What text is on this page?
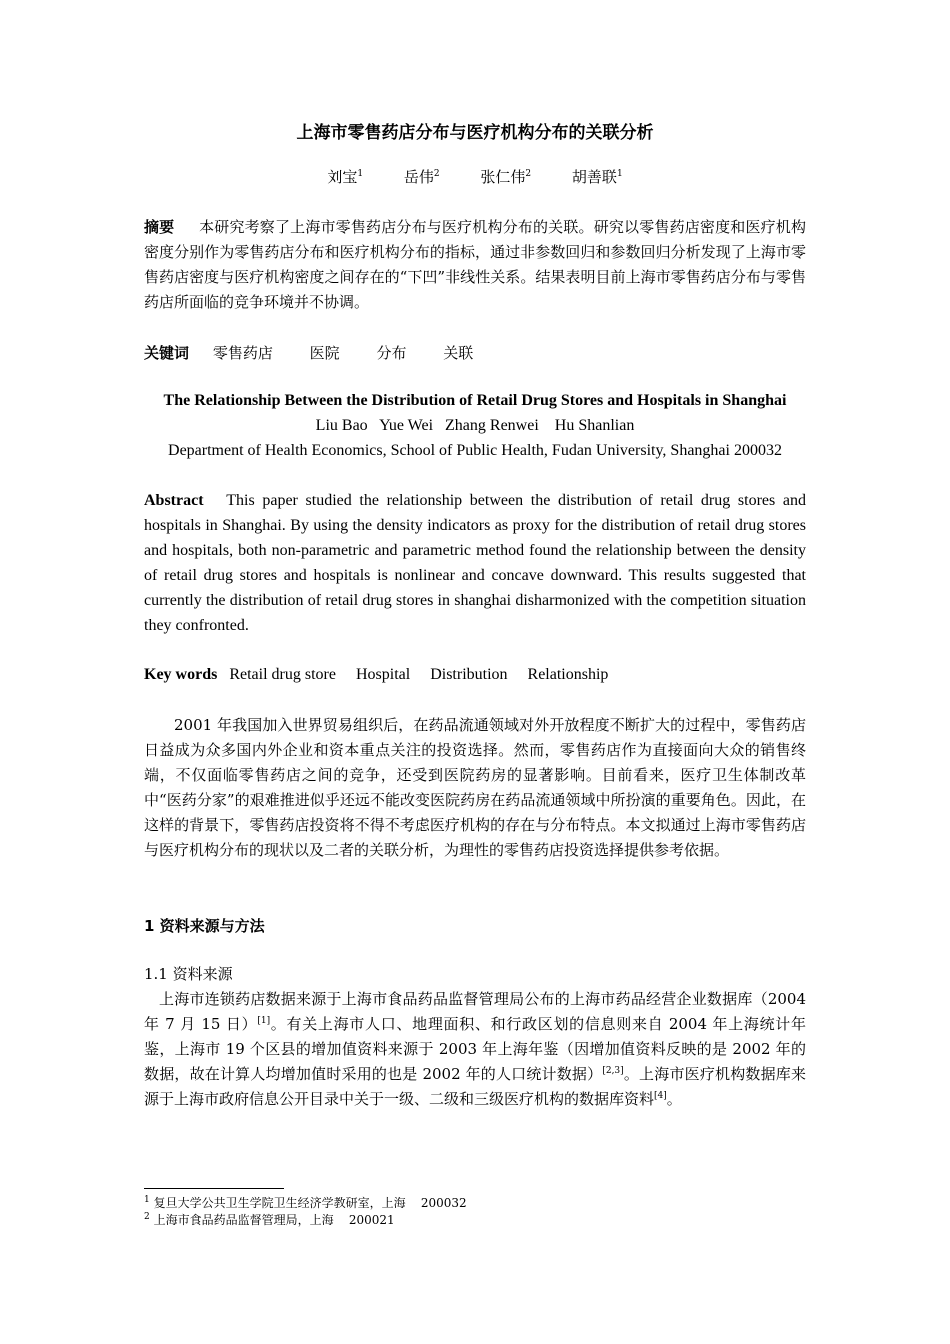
上海市零售药店分布与医疗机构分布的关联分析
刘宝$^1$	岳伟$^2$	张仁伟$^2$	胡善联$^1$
摘要 本研究考察了上海市零售药店分布与医疗机构分布的关联。研究以零售药店密度和医疗机构密度分别作为零售药店分布和医疗机构分布的指标，通过非参数回归和参数回归分析发现了上海市零售药店密度与医疗机构密度之间存在的“下凹”非线性关系。结果表明目前上海市零售药店分布与零售药店所面临的竞争环境并不协调。
关键词 零售药店 医院 分布 关联
The Relationship Between the Distribution of Retail Drug Stores and Hospitals in Shanghai
Liu Bao   Yue Wei   Zhang Renwei    Hu Shanlian
Department of Health Economics, School of Public Health, Fudan University, Shanghai 200032
Abstract This paper studied the relationship between the distribution of retail drug stores and hospitals in Shanghai. By using the density indicators as proxy for the distribution of retail drug stores and hospitals, both non-parametric and parametric method found the relationship between the density of retail drug stores and hospitals is nonlinear and concave downward. This results suggested that currently the distribution of retail drug stores in shanghai disharmonized with the competition situation they confronted.
Key words Retail drug store Hospital Distribution Relationship
2001 年我国加入世界贸易组织后，在药品流通领域对外开放程度不断扩大的过程中，零售药店日益成为众多国内外企业和资本重点关注的投资选择。然而，零售药店作为直接面向大众的销售终端，不仅面临零售药店之间的竞争，还受到医院药房的显著影响。目前看来，医疗卫生体制改革中“医药分家”的艰难推进似乎还远不能改变医院药房在药品流通领域中所扮演的重要角色。因此，在这样的背景下，零售药店投资将不得不考虑医疗机构的存在与分布特点。本文拟通过上海市零售药店与医疗机构分布的现状以及二者的关联分析，为理性的零售药店投资选择提供参考依据。
1 资料来源与方法
1.1 资料来源
上海市连锁药店数据来源于上海市食品药品监督管理局公布的上海市药品经营企业数据库（2004 年 7 月 15 日）[1]。有关上海市人口、地理面积、和行政区划的信息则来自 2004 年上海统计年鉴，上海市 19 个区县的增加值资料来源于 2003 年上海年鉴（因增加值资料反映的是 2002 年的数据，故在计算人均增加值时采用的也是 2002 年的人口统计数据）[2,3]。上海市医疗机构数据库来源于上海市政府信息公开目录中关于一级、二级和三级医疗机构的数据库资料[4]。
$^1$ 复旦大学公共卫生学院卫生经济学教研室，上海    200032
$^2$ 上海市食品药品监督管理局，上海    200021
